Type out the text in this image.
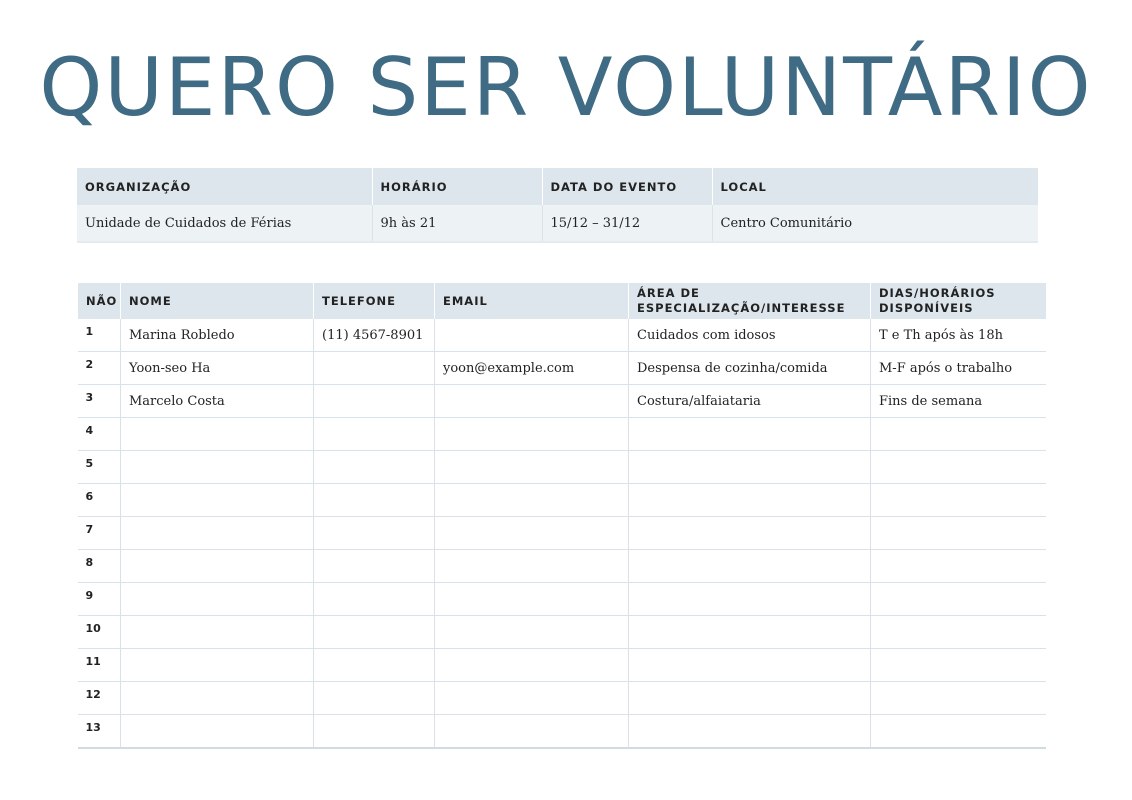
QUERO SER VOLUNTÁRIO
ORGANIZAÇÃO	HORÁRIO	DATA DO EVENTO	LOCAL
Unidade de Cuidados de Férias	9h às 21	15/12 – 31/12	Centro Comunitário
NÃO	NOME	TELEFONE	EMAIL	ÁREA DE ESPECIALIZAÇÃO/INTERESSE	DIAS/HORÁRIOS DISPONÍVEIS
1	Marina Robledo	(11) 4567-8901		Cuidados com idosos	T e Th após às 18h
2	Yoon-seo Ha		yoon@example.com	Despensa de cozinha/comida	M-F após o trabalho
3	Marcelo Costa			Costura/alfaiataria	Fins de semana
4					
5					
6					
7					
8					
9					
10					
11					
12					
13					
